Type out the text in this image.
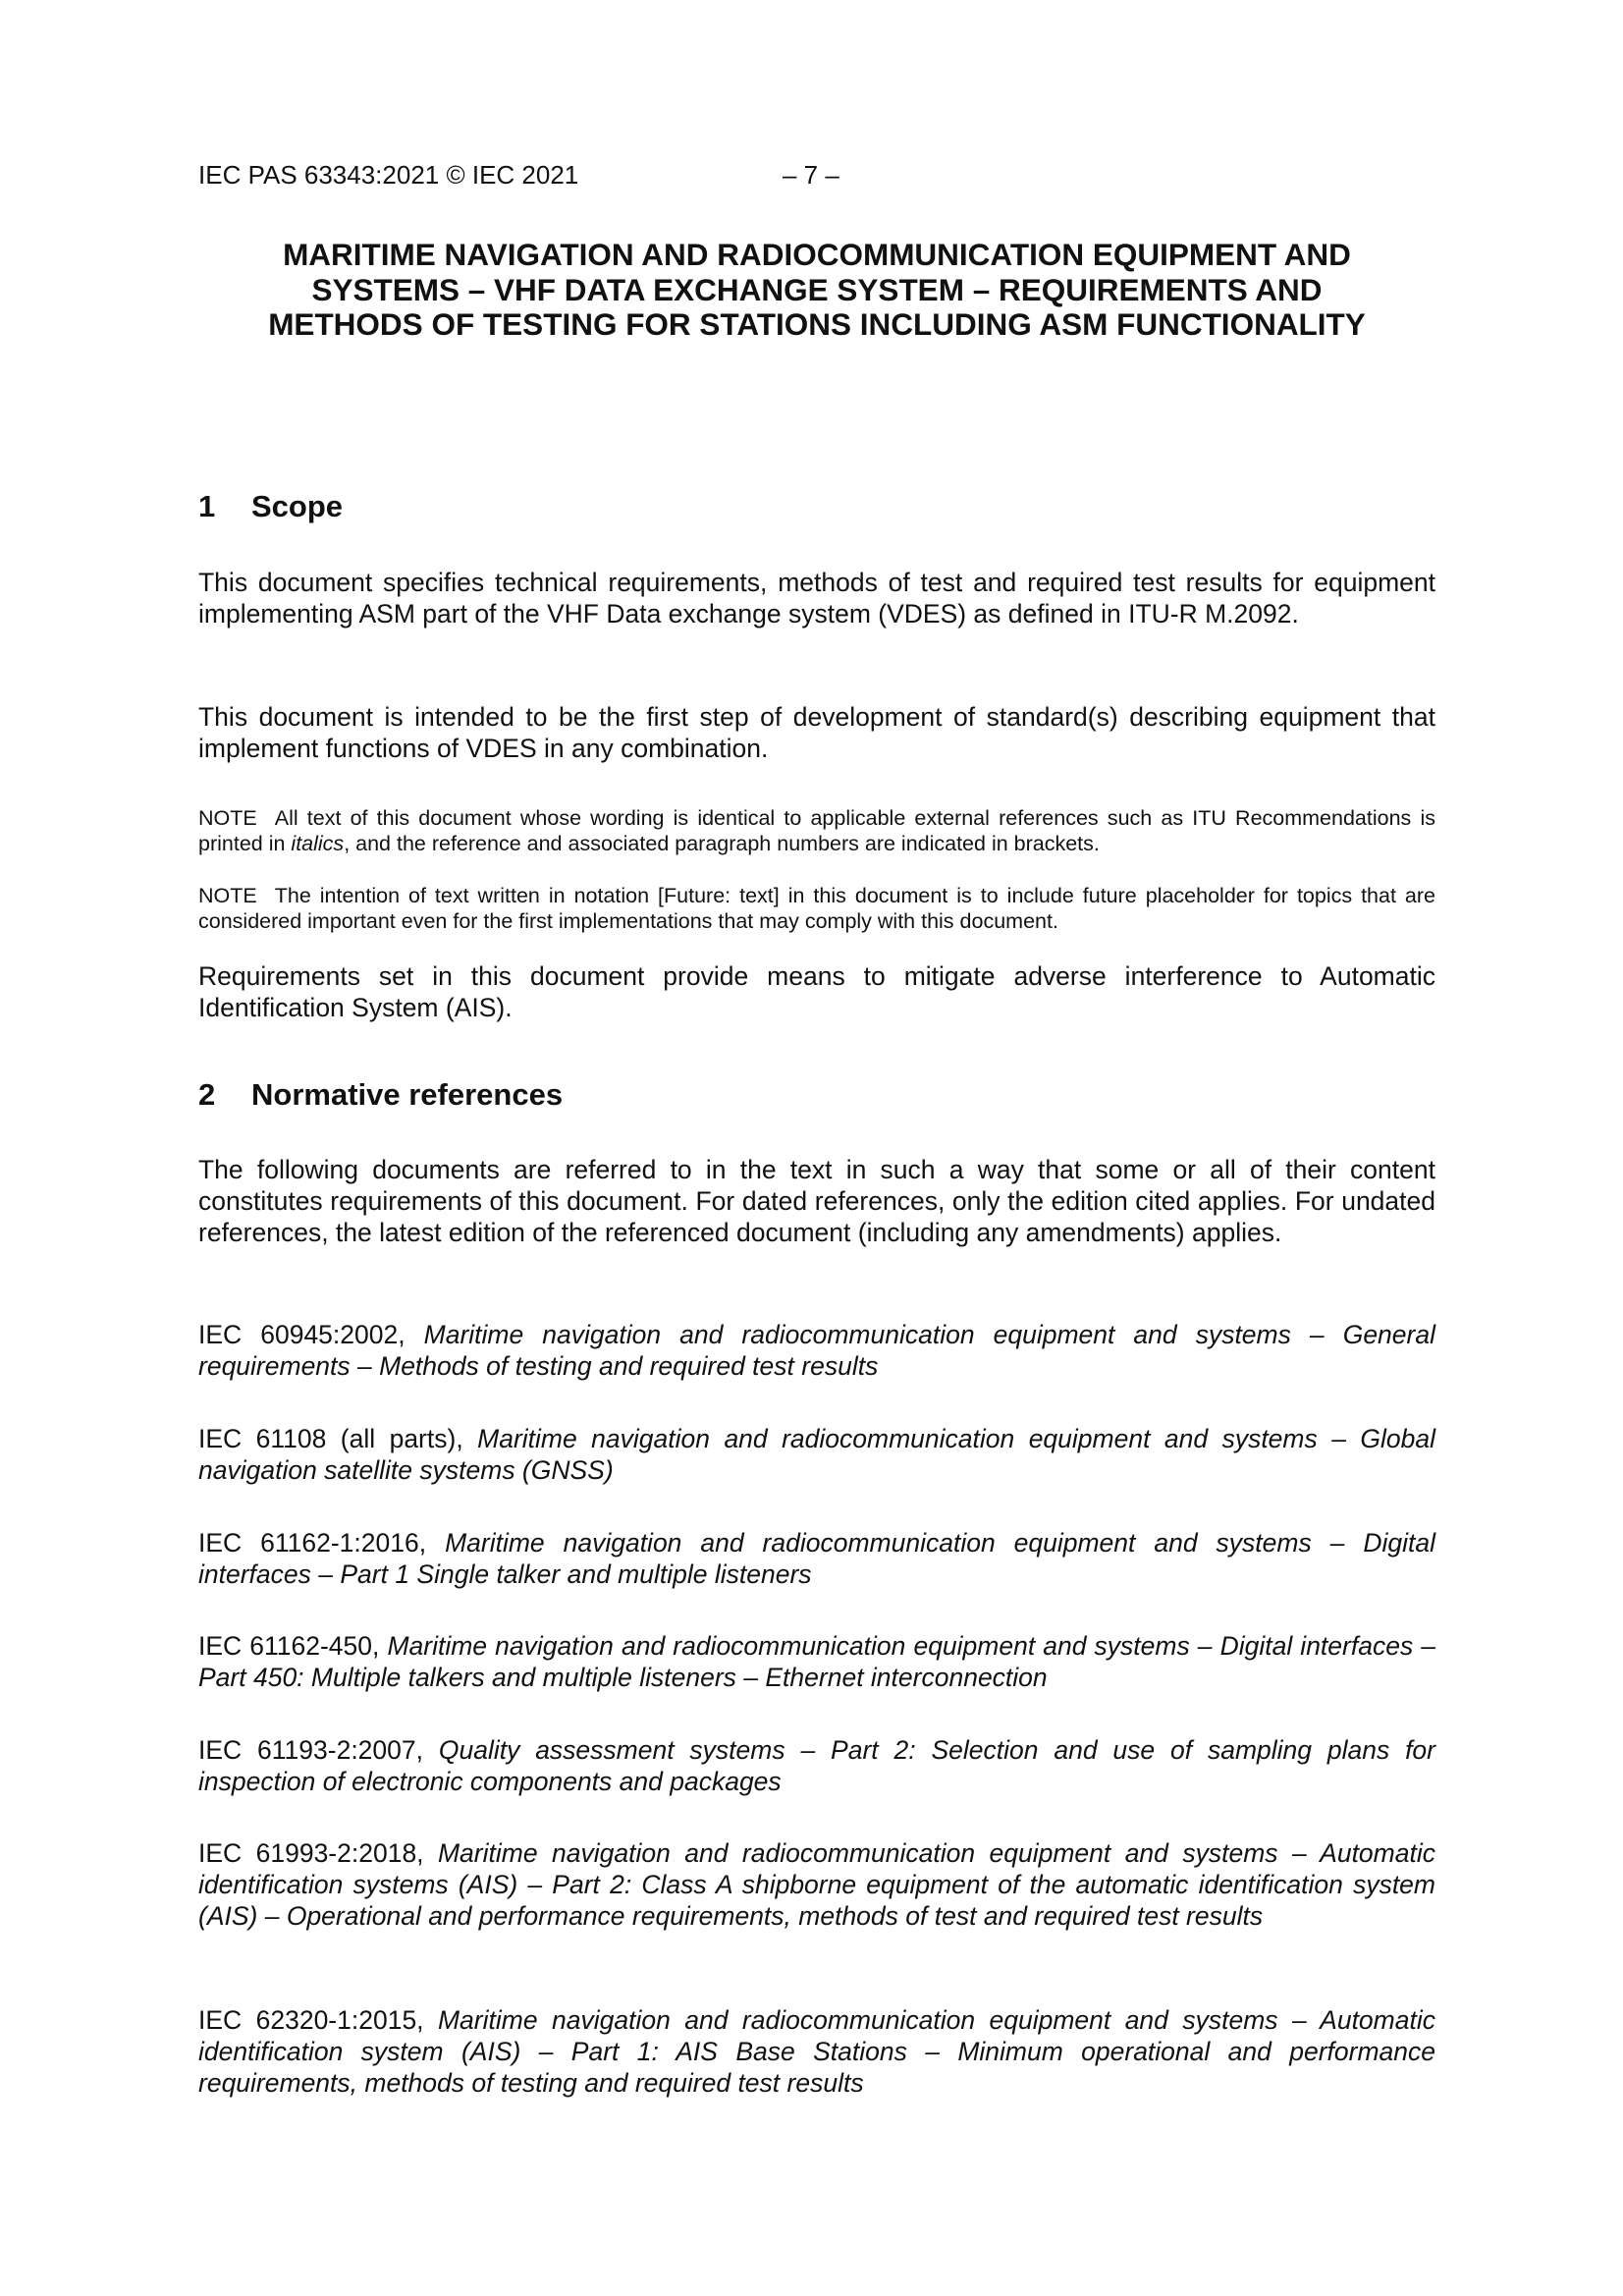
IEC PAS 63343:2021 © IEC 2021	– 7 –
MARITIME NAVIGATION AND RADIOCOMMUNICATION EQUIPMENT AND
SYSTEMS – VHF DATA EXCHANGE SYSTEM – REQUIREMENTS AND
METHODS OF TESTING FOR STATIONS INCLUDING ASM FUNCTIONALITY
1 Scope
This document specifies technical requirements, methods of test and required test results for equipment implementing ASM part of the VHF Data exchange system (VDES) as defined in ITU-R M.2092.
This document is intended to be the first step of development of standard(s) describing equipment that implement functions of VDES in any combination.
NOTE All text of this document whose wording is identical to applicable external references such as ITU Recommendations is printed in italics, and the reference and associated paragraph numbers are indicated in brackets.
NOTE The intention of text written in notation [Future: text] in this document is to include future placeholder for topics that are considered important even for the first implementations that may comply with this document.
Requirements set in this document provide means to mitigate adverse interference to Automatic Identification System (AIS).
2 Normative references
The following documents are referred to in the text in such a way that some or all of their content constitutes requirements of this document. For dated references, only the edition cited applies. For undated references, the latest edition of the referenced document (including any amendments) applies.
IEC 60945:2002, Maritime navigation and radiocommunication equipment and systems – General requirements – Methods of testing and required test results
IEC 61108 (all parts), Maritime navigation and radiocommunication equipment and systems – Global navigation satellite systems (GNSS)
IEC 61162-1:2016, Maritime navigation and radiocommunication equipment and systems – Digital interfaces – Part 1 Single talker and multiple listeners
IEC 61162-450, Maritime navigation and radiocommunication equipment and systems – Digital interfaces – Part 450: Multiple talkers and multiple listeners – Ethernet interconnection
IEC 61193-2:2007, Quality assessment systems – Part 2: Selection and use of sampling plans for inspection of electronic components and packages
IEC 61993-2:2018, Maritime navigation and radiocommunication equipment and systems – Automatic identification systems (AIS) – Part 2: Class A shipborne equipment of the automatic identification system (AIS) – Operational and performance requirements, methods of test and required test results
IEC 62320-1:2015, Maritime navigation and radiocommunication equipment and systems – Automatic identification system (AIS) – Part 1: AIS Base Stations – Minimum operational and performance requirements, methods of testing and required test results
